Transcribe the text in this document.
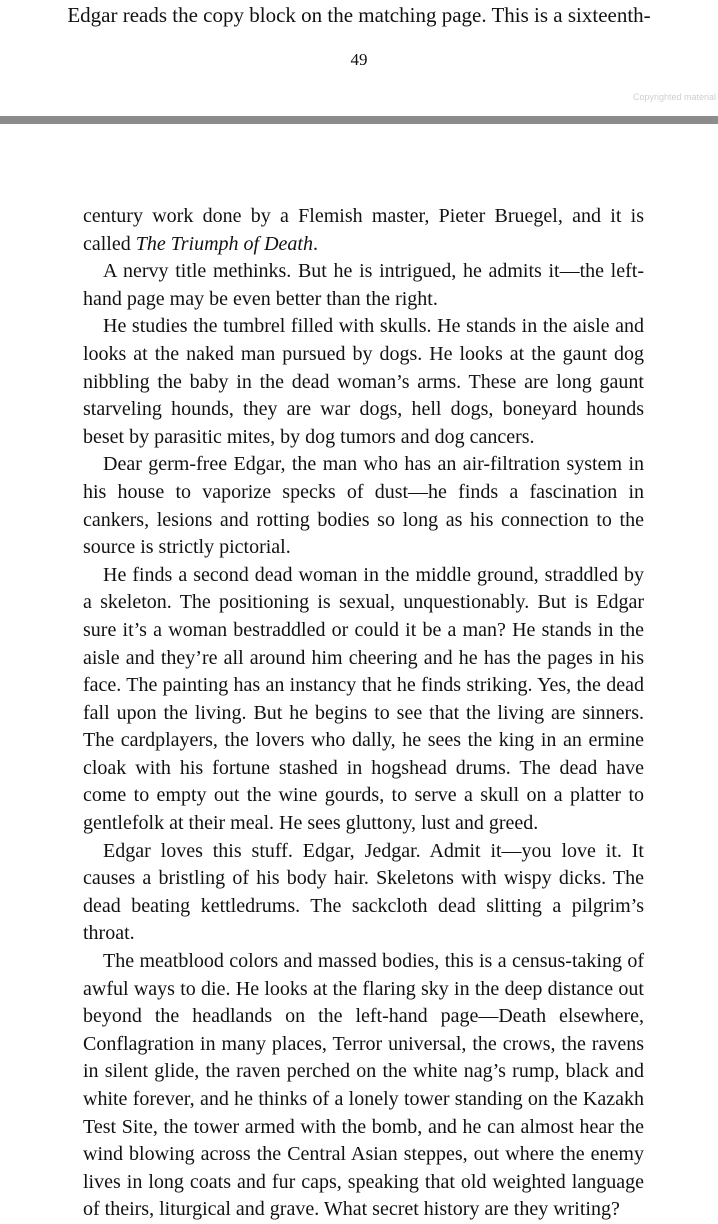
Edgar reads the copy block on the matching page. This is a sixteenth-
49
Copyrighted material

century work done by a Flemish master, Pieter Bruegel, and it is called The Triumph of Death.

A nervy title methinks. But he is intrigued, he admits it—the left-hand page may be even better than the right.

He studies the tumbrel filled with skulls. He stands in the aisle and looks at the naked man pursued by dogs. He looks at the gaunt dog nibbling the baby in the dead woman’s arms. These are long gaunt starveling hounds, they are war dogs, hell dogs, boneyard hounds beset by parasitic mites, by dog tumors and dog cancers.

Dear germ-free Edgar, the man who has an air-filtration system in his house to vaporize specks of dust—he finds a fascination in cankers, lesions and rotting bodies so long as his connection to the source is strictly pictorial.

He finds a second dead woman in the middle ground, straddled by a skeleton. The positioning is sexual, unquestionably. But is Edgar sure it’s a woman bestraddled or could it be a man? He stands in the aisle and they’re all around him cheering and he has the pages in his face. The painting has an instancy that he finds striking. Yes, the dead fall upon the living. But he begins to see that the living are sinners. The cardplayers, the lovers who dally, he sees the king in an ermine cloak with his fortune stashed in hogshead drums. The dead have come to empty out the wine gourds, to serve a skull on a platter to gentlefolk at their meal. He sees gluttony, lust and greed.

Edgar loves this stuff. Edgar, Jedgar. Admit it—you love it. It causes a bristling of his body hair. Skeletons with wispy dicks. The dead beating kettledrums. The sackcloth dead slitting a pilgrim’s throat.

The meatblood colors and massed bodies, this is a census-taking of awful ways to die. He looks at the flaring sky in the deep distance out beyond the headlands on the left-hand page—Death elsewhere, Conflagration in many places, Terror universal, the crows, the ravens in silent glide, the raven perched on the white nag’s rump, black and white forever, and he thinks of a lonely tower standing on the Kazakh Test Site, the tower armed with the bomb, and he can almost hear the wind blowing across the Central Asian steppes, out where the enemy lives in long coats and fur caps, speaking that old weighted language of theirs, liturgical and grave. What secret history are they writing?
